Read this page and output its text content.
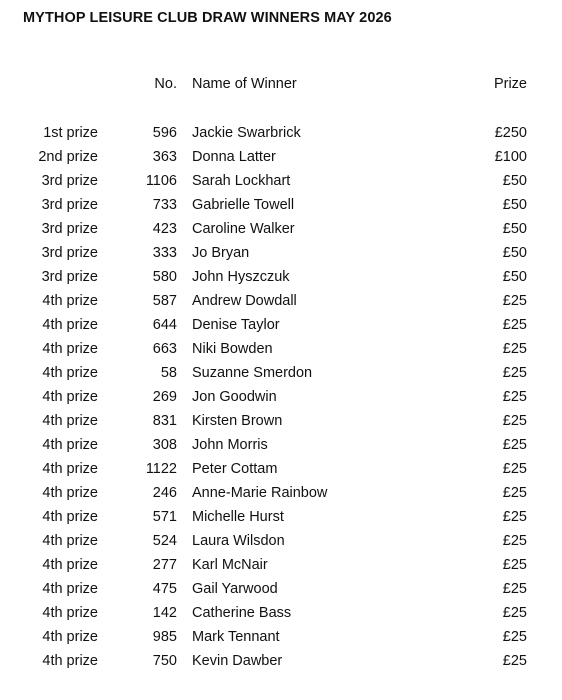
MYTHOP LEISURE CLUB DRAW WINNERS MAY 2026
No. Name of Winner	Prize
1st prize	596 Jackie Swarbrick	£250
2nd prize	363 Donna Latter	£100
3rd prize	1106 Sarah Lockhart	£50
3rd prize	733 Gabrielle Towell	£50
3rd prize	423 Caroline Walker	£50
3rd prize	333 Jo Bryan	£50
3rd prize	580 John Hyszczuk	£50
4th prize	587 Andrew Dowdall	£25
4th prize	644 Denise Taylor	£25
4th prize	663 Niki Bowden	£25
4th prize	58 Suzanne Smerdon	£25
4th prize	269 Jon Goodwin	£25
4th prize	831 Kirsten Brown	£25
4th prize	308 John Morris	£25
4th prize	1122 Peter Cottam	£25
4th prize	246 Anne-Marie Rainbow	£25
4th prize	571 Michelle Hurst	£25
4th prize	524 Laura Wilsdon	£25
4th prize	277 Karl McNair	£25
4th prize	475 Gail Yarwood	£25
4th prize	142 Catherine Bass	£25
4th prize	985 Mark Tennant	£25
4th prize	750 Kevin Dawber	£25
